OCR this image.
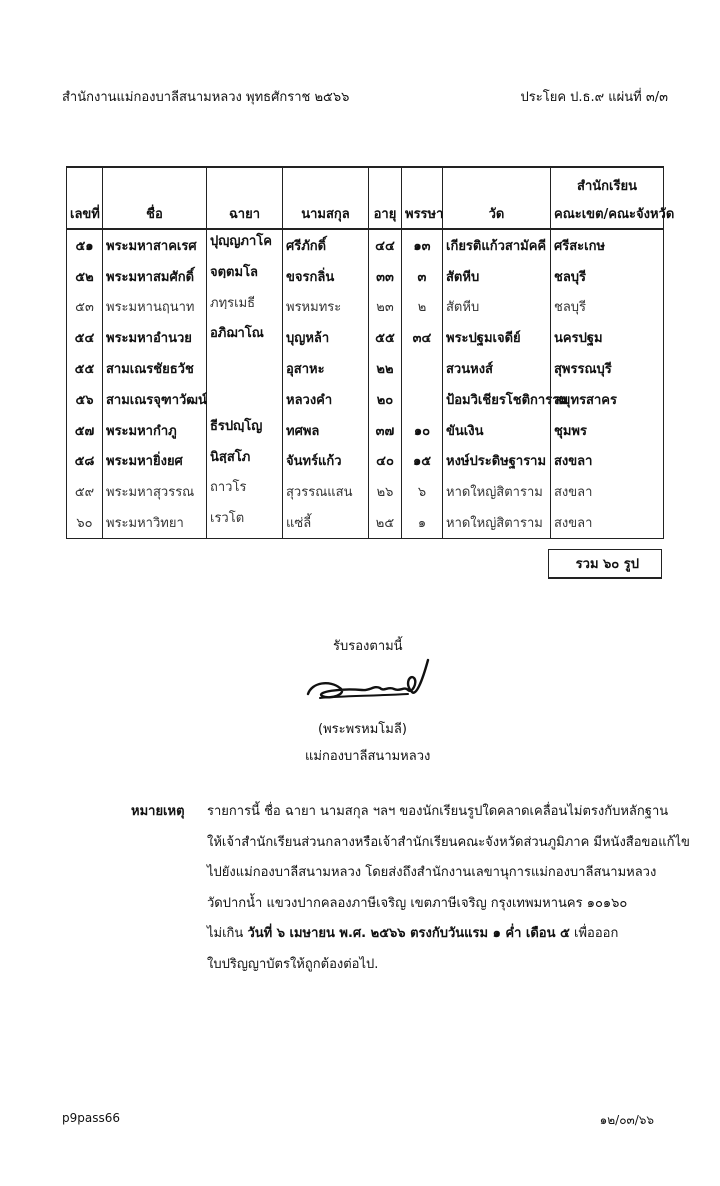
สำนักงานแม่กองบาลีสนามหลวง พุทธศักราช ๒๕๖๖	ประโยค ป.ธ.๙ แผ่นที่ ๓/๓
							สำนักเรียน
เลขที่	ชื่อ	ฉายา	นามสกุล	อายุ	พรรษา	วัด	คณะเขต/คณะจังหวัด
๕๑	พระมหาสาคเรศ	ปุญฺญภาโค	ศรีภักดิ์	๔๔	๑๓	เกียรติแก้วสามัคคี	ศรีสะเกษ
๕๒	พระมหาสมศักดิ์	จตฺตมโล	ขจรกลิ่น	๓๓	๓	สัตหีบ	ชลบุรี
๕๓	พระมหานฤนาท	ภทฺรเมธี	พรหมทระ	๒๓	๒	สัตหีบ	ชลบุรี
๕๔	พระมหาอำนวย	อภิฌาโณ	บุญหล้า	๕๕	๓๔	พระปฐมเจดีย์	นครปฐม
๕๕	สามเณรชัยธวัช		อุสาหะ	๒๒		สวนหงส์	สุพรรณบุรี
๕๖	สามเณรจุฑาวัฒน์		หลวงคำ	๒๐		ป้อมวิเชียรโชติการาม	สมุทรสาคร
๕๗	พระมหากำภู	ธีรปญฺโญ	ทศพล	๓๗	๑๐	ขันเงิน	ชุมพร
๕๘	พระมหายิ่งยศ	นิสฺสโภ	จันทร์แก้ว	๔๐	๑๕	หงษ์ประดิษฐาราม	สงขลา
๕๙	พระมหาสุวรรณ	ถาวโร	สุวรรณแสน	๒๖	๖	หาดใหญ่สิตาราม	สงขลา
๖๐	พระมหาวิทยา	เรวโต	แซ่ลี้	๒๕	๑	หาดใหญ่สิตาราม	สงขลา
รวม ๖๐ รูป
รับรองตามนี้
(พระพรหมโมลี)
แม่กองบาลีสนามหลวง
หมายเหตุ รายการนี้ ชื่อ ฉายา นามสกุล ฯลฯ ของนักเรียนรูปใดคลาดเคลื่อนไม่ตรงกับหลักฐาน
ให้เจ้าสำนักเรียนส่วนกลางหรือเจ้าสำนักเรียนคณะจังหวัดส่วนภูมิภาค มีหนังสือขอแก้ไข
ไปยังแม่กองบาลีสนามหลวง โดยส่งถึงสำนักงานเลขานุการแม่กองบาลีสนามหลวง
วัดปากน้ำ แขวงปากคลองภาษีเจริญ เขตภาษีเจริญ กรุงเทพมหานคร ๑๐๑๖๐
ไม่เกิน วันที่ ๖ เมษายน พ.ศ. ๒๕๖๖ ตรงกับวันแรม ๑ ค่ำ เดือน ๕ เพื่อออก
ใบปริญญาบัตรให้ถูกต้องต่อไป.
p9pass66	๑๒/๐๓/๖๖
